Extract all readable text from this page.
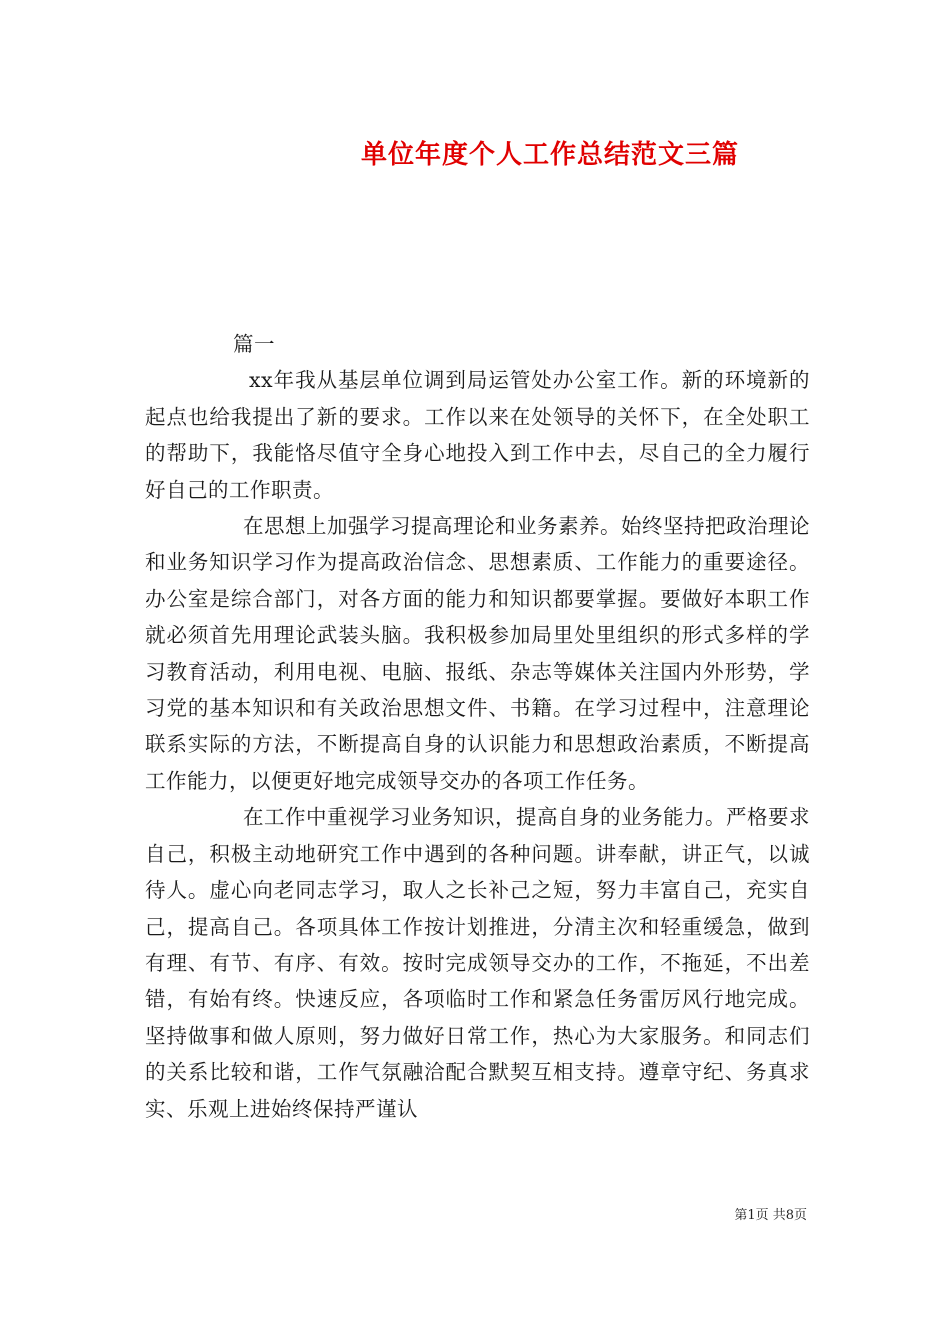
单位年度个人工作总结范文三篇

篇一

xx年我从基层单位调到局运管处办公室工作。新的环境新的起点也给我提出了新的要求。工作以来在处领导的关怀下，在全处职工的帮助下，我能恪尽值守全身心地投入到工作中去，尽自己的全力履行好自己的工作职责。

在思想上加强学习提高理论和业务素养。始终坚持把政治理论和业务知识学习作为提高政治信念、思想素质、工作能力的重要途径。办公室是综合部门，对各方面的能力和知识都要掌握。要做好本职工作就必须首先用理论武装头脑。我积极参加局里处里组织的形式多样的学习教育活动，利用电视、电脑、报纸、杂志等媒体关注国内外形势，学习党的基本知识和有关政治思想文件、书籍。在学习过程中，注意理论联系实际的方法，不断提高自身的认识能力和思想政治素质，不断提高工作能力，以便更好地完成领导交办的各项工作任务。

在工作中重视学习业务知识，提高自身的业务能力。严格要求自己，积极主动地研究工作中遇到的各种问题。讲奉献，讲正气，以诚待人。虚心向老同志学习，取人之长补己之短，努力丰富自己，充实自己，提高自己。各项具体工作按计划推进，分清主次和轻重缓急，做到有理、有节、有序、有效。按时完成领导交办的工作，不拖延，不出差错，有始有终。快速反应，各项临时工作和紧急任务雷厉风行地完成。坚持做事和做人原则，努力做好日常工作，热心为大家服务。和同志们的关系比较和谐，工作气氛融洽配合默契互相支持。遵章守纪、务真求实、乐观上进始终保持严谨认

第1页 共8页
